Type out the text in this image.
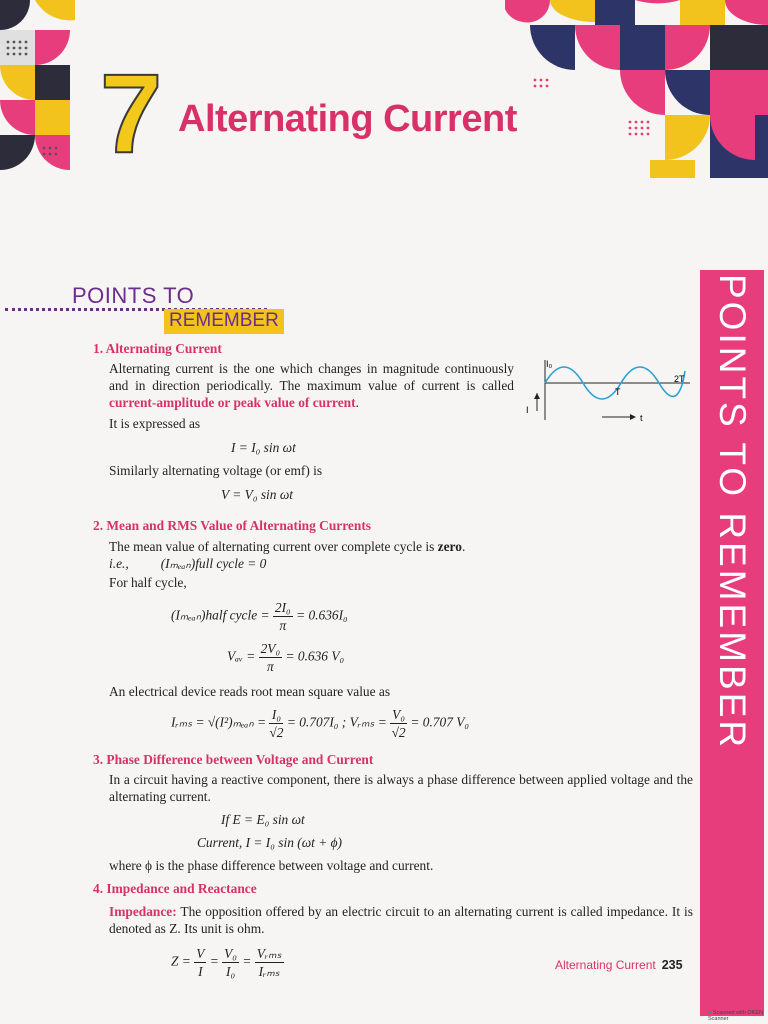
7 Alternating Current
POINTS TO
REMEMBER	POINTS TO REMEMBER
I₀
2T
T
t
I

1. Alternating Current

Alternating current is the one which changes in magnitude continuously and in direction periodically. The maximum value of current is called current-amplitude or peak value of current.

It is expressed as

I = I₀ sin ωt

Similarly alternating voltage (or emf) is

V = V₀ sin ωt

2. Mean and RMS Value of Alternating Currents

The mean value of alternating current over complete cycle is zero.

i.e., (Iₘₑₐₙ)full cycle = 0

For half cycle,

(Iₘₑₐₙ)half cycle = $\frac{\text{2I₀}}{\pi} = 0.636I_0$

Vₐᵥ = $\frac{\text{2V₀}}{\pi} = 0.636$ V₀

An electrical device reads root mean square value as

Iᵣₘₛ = $√(I^2)_{mean} = \frac{\text{I₀}}{√2} = 0.707I_0$ ; Vᵣₘₛ = $\frac{\text{V₀}}{√2} = 0.707$ V₀

3. Phase Difference between Voltage and Current

In a circuit having a reactive component, there is always a phase difference between applied voltage and the alternating current.

If E = E₀ sin ωt

Current, I = I₀ sin (ωt + ϕ)

where ϕ is the phase difference between voltage and current.

4. Impedance and Reactance

Impedance: The opposition offered by an electric circuit to an alternating current is called impedance. It is denoted as Z. Its unit is ohm.

$Z = \frac{V}{I} = \frac{\text{V₀}}{\text{I₀}} = \frac{\text{Vᵣₘₛ}}{\text{Iᵣₘₛ}}$	Alternating Current 235
● Scanned with OKEN Scanner
